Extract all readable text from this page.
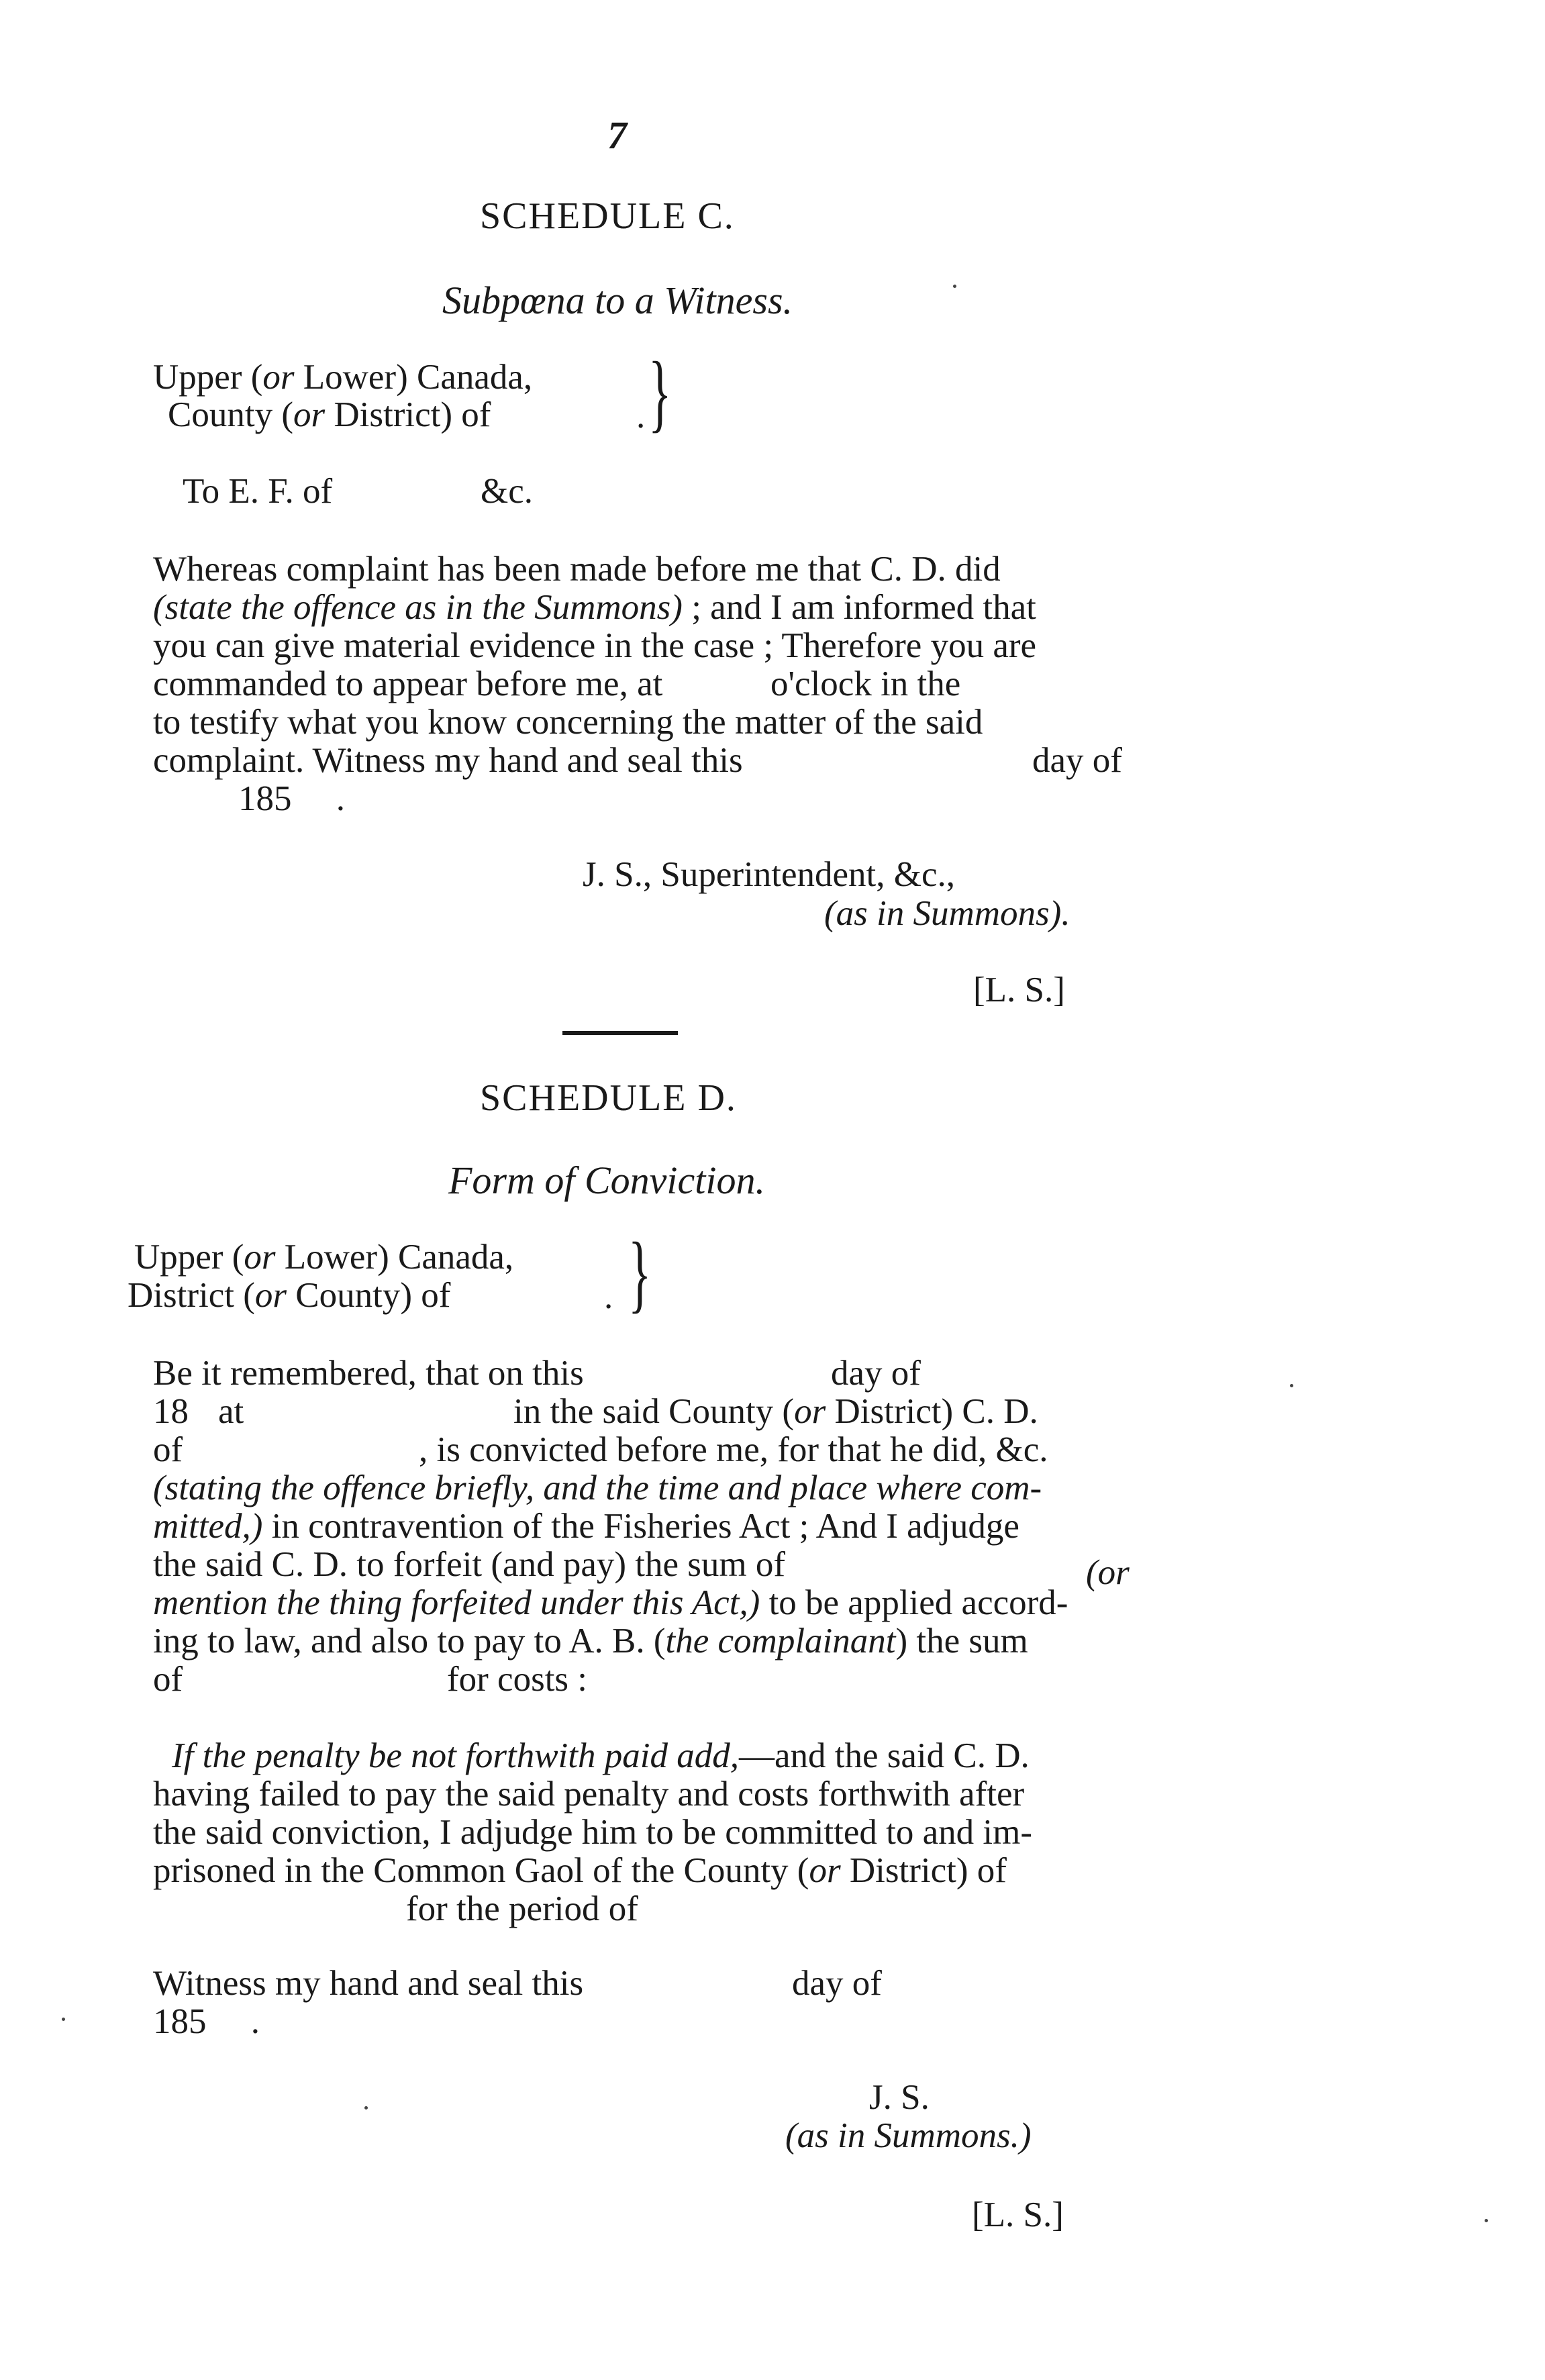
7
SCHEDULE C.
Subpœna to a Witness.
Upper (or Lower) Canada,
County (or District) of	. }
To E. F. of	&c.
Whereas complaint has been made before me that C. D. did
(state the offence as in the Summons) ; and I am informed that
you can give material evidence in the case ; Therefore you are
commanded to appear before me, at	o'clock in the
to testify what you know concerning the matter of the said
complaint. Witness my hand and seal this	day of
185     .
J. S., Superintendent, &c.,
(as in Summons).
[L. S.]
SCHEDULE D.
Form of Conviction.
Upper (or Lower) Canada,
District (or County) of	. }
Be it remembered, that on this	day of
18 at	in the said County (or District) C. D.
of	, is convicted before me, for that he did, &c.
(stating the offence briefly, and the time and place where com-
mitted,) in contravention of the Fisheries Act ; And I adjudge
the said C. D. to forfeit (and pay) the sum of	(or
mention the thing forfeited under this Act,) to be applied accord-
ing to law, and also to pay to A. B. (the complainant) the sum
of	for costs :
If the penalty be not forthwith paid add,—and the said C. D.
having failed to pay the said penalty and costs forthwith after
the said conviction, I adjudge him to be committed to and im-
prisoned in the Common Gaol of the County (or District) of
for the period of
Witness my hand and seal this	day of
185     .
J. S.
(as in Summons.)
[L. S.]
